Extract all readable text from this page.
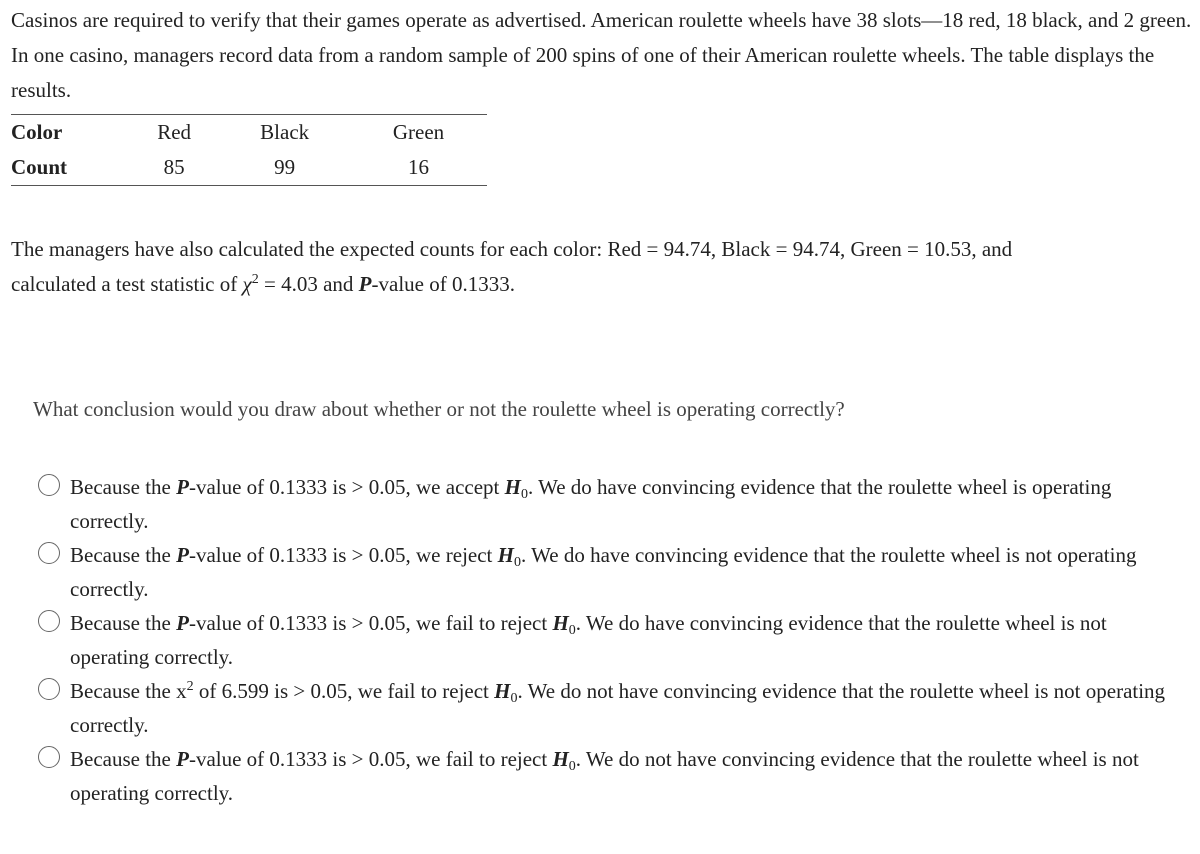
Casinos are required to verify that their games operate as advertised. American roulette wheels have 38 slots—18 red, 18 black, and 2 green. In one casino, managers record data from a random sample of 200 spins of one of their American roulette wheels. The table displays the results.

Color	Red	Black	Green
Count	85	99	16

The managers have also calculated the expected counts for each color: Red = 94.74, Black = 94.74, Green = 10.53, and
calculated a test statistic of $\chi^2 = 4.03$ and P-value of 0.1333.

What conclusion would you draw about whether or not the roulette wheel is operating correctly?

Because the P-value of 0.1333 is > 0.05, we accept $H_0$. We do have convincing evidence that the roulette wheel is operating correctly.
Because the P-value of 0.1333 is > 0.05, we reject $H_0$. We do have convincing evidence that the roulette wheel is not operating correctly.
Because the P-value of 0.1333 is > 0.05, we fail to reject $H_0$. We do have convincing evidence that the roulette wheel is not operating correctly.
Because the $x^2$ of 6.599 is > 0.05, we fail to reject $H_0$. We do not have convincing evidence that the roulette wheel is not operating correctly.
Because the P-value of 0.1333 is > 0.05, we fail to reject $H_0$. We do not have convincing evidence that the roulette wheel is not operating correctly.
